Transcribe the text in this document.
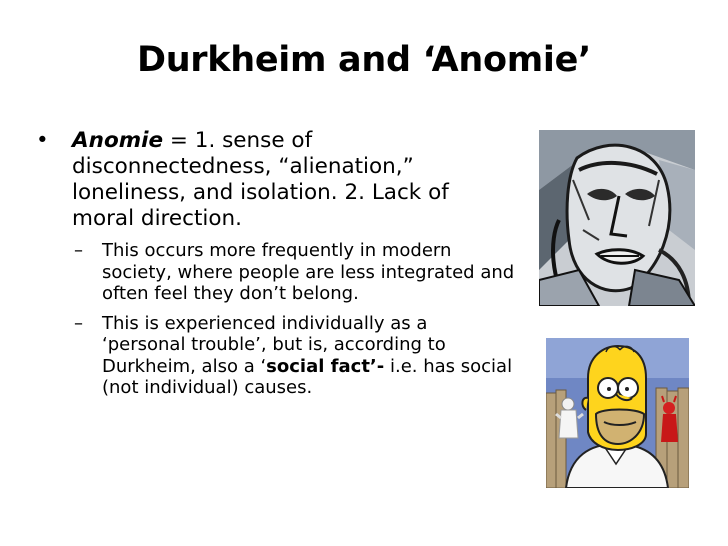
Durkheim and ‘Anomie’
• Anomie = 1. sense of disconnectedness, “alienation,” loneliness, and isolation. 2. Lack of moral direction.
– This occurs more frequently in modern society, where people are less integrated and often feel they don’t belong.
– This is experienced individually as a ‘personal trouble’, but is, according to Durkheim, also a ‘social fact’- i.e. has social (not individual) causes.
